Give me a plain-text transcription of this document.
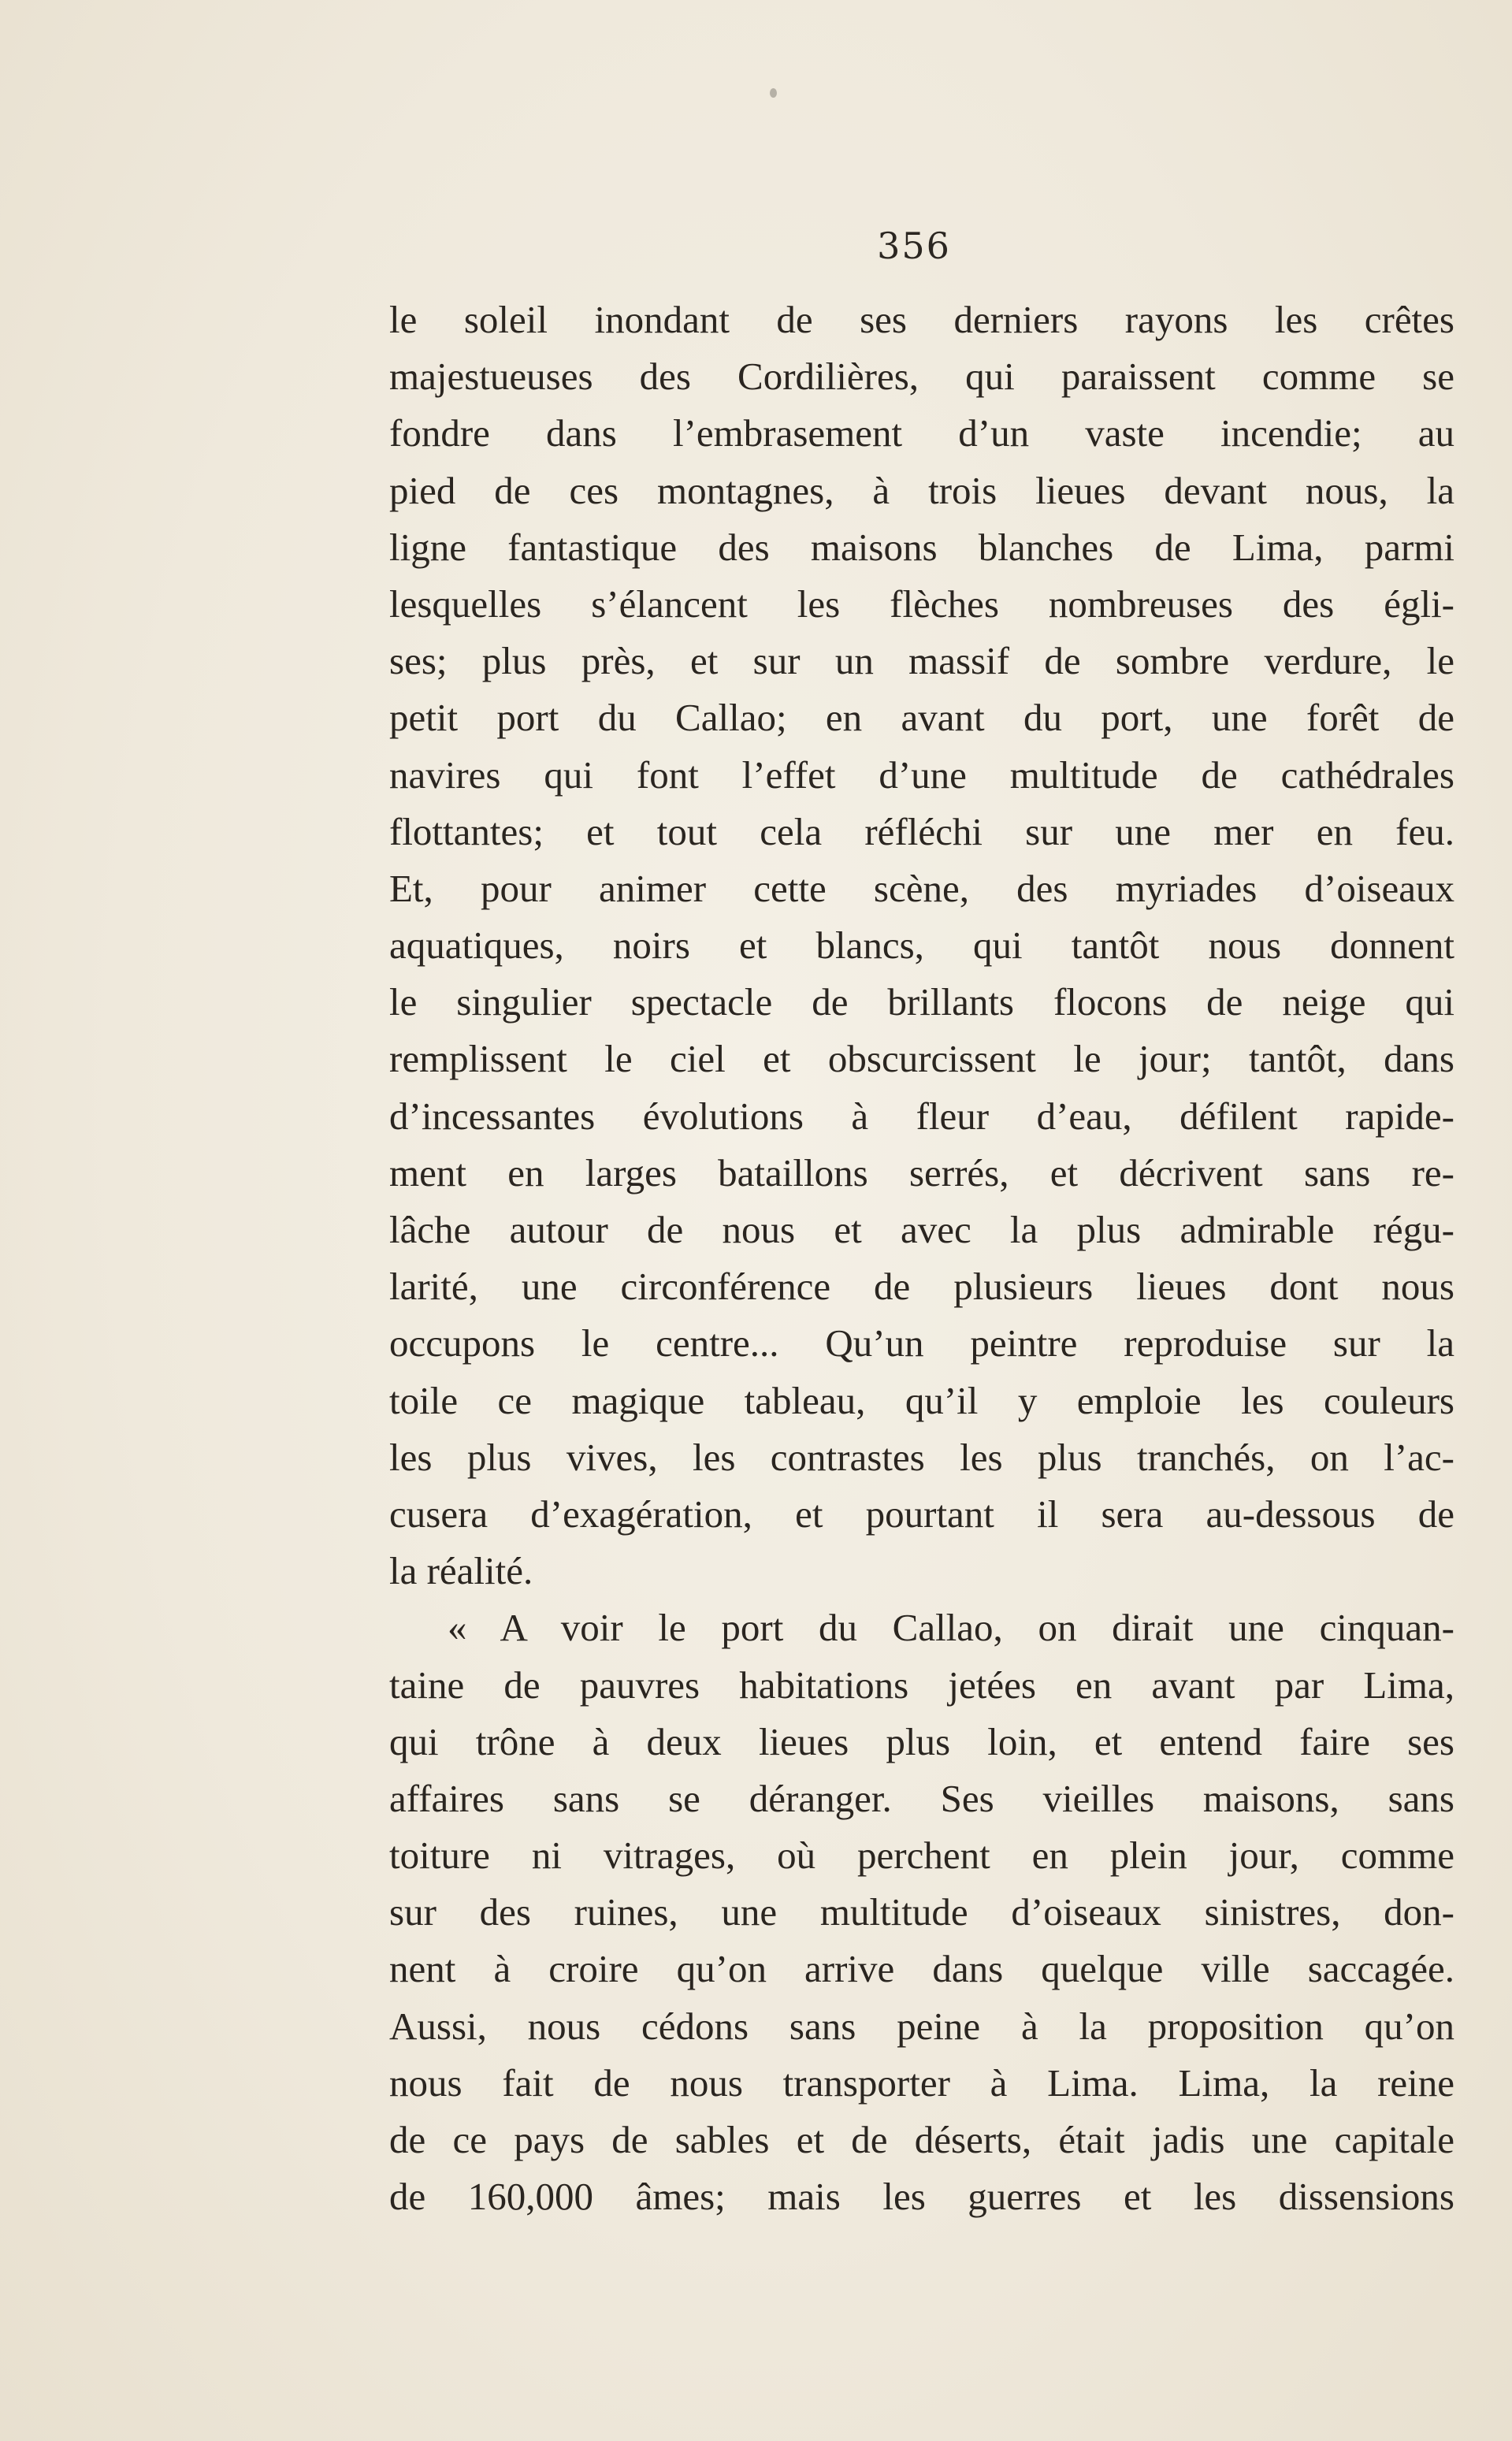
356
le soleil inondant de ses derniers rayons les crêtes
majestueuses des Cordilières, qui paraissent comme se
fondre dans l’embrasement d’un vaste incendie; au
pied de ces montagnes, à trois lieues devant nous, la
ligne fantastique des maisons blanches de Lima, parmi
lesquelles s’élancent les flèches nombreuses des égli-
ses; plus près, et sur un massif de sombre verdure, le
petit port du Callao; en avant du port, une forêt de
navires qui font l’effet d’une multitude de cathédrales
flottantes; et tout cela réfléchi sur une mer en feu.
Et, pour animer cette scène, des myriades d’oiseaux
aquatiques, noirs et blancs, qui tantôt nous donnent
le singulier spectacle de brillants flocons de neige qui
remplissent le ciel et obscurcissent le jour; tantôt, dans
d’incessantes évolutions à fleur d’eau, défilent rapide-
ment en larges bataillons serrés, et décrivent sans re-
lâche autour de nous et avec la plus admirable régu-
larité, une circonférence de plusieurs lieues dont nous
occupons le centre... Qu’un peintre reproduise sur la
toile ce magique tableau, qu’il y emploie les couleurs
les plus vives, les contrastes les plus tranchés, on l’ac-
cusera d’exagération, et pourtant il sera au-dessous de
la réalité.
« A voir le port du Callao, on dirait une cinquan-
taine de pauvres habitations jetées en avant par Lima,
qui trône à deux lieues plus loin, et entend faire ses
affaires sans se déranger. Ses vieilles maisons, sans
toiture ni vitrages, où perchent en plein jour, comme
sur des ruines, une multitude d’oiseaux sinistres, don-
nent à croire qu’on arrive dans quelque ville saccagée.
Aussi, nous cédons sans peine à la proposition qu’on
nous fait de nous transporter à Lima. Lima, la reine
de ce pays de sables et de déserts, était jadis une capitale
de 160,000 âmes; mais les guerres et les dissensions
